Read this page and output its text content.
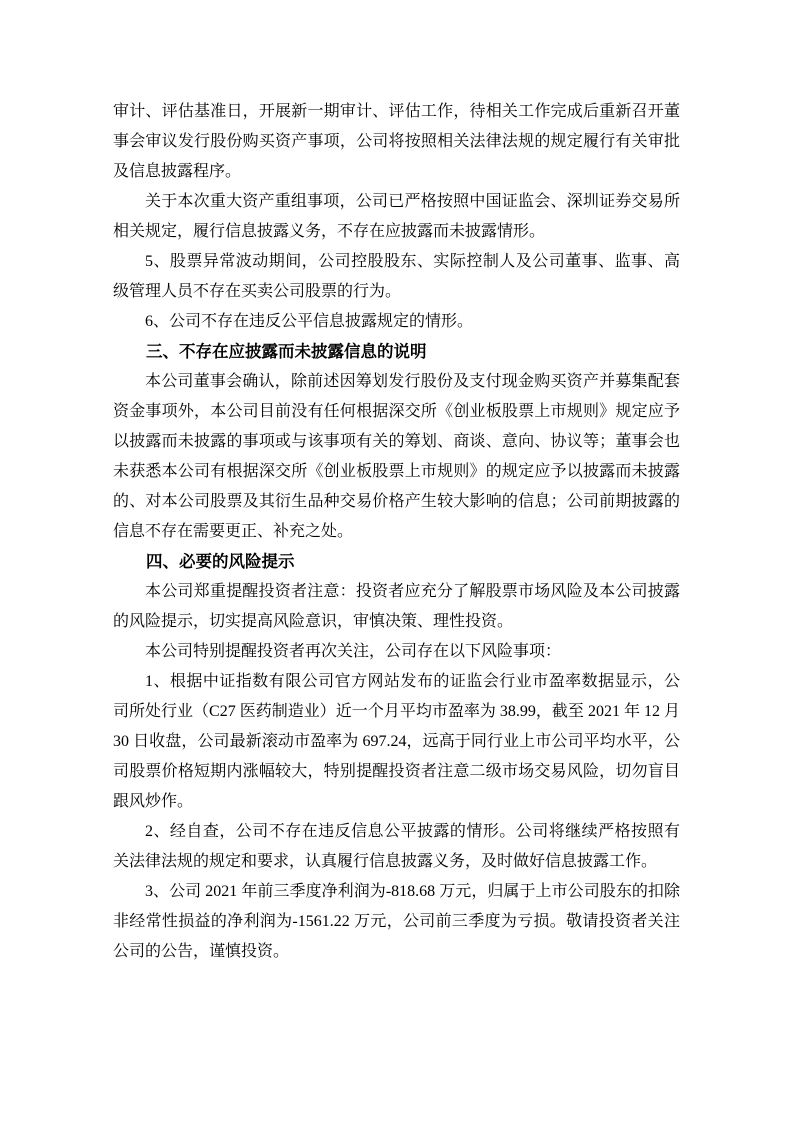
审计、评估基准日，开展新一期审计、评估工作，待相关工作完成后重新召开董事会审议发行股份购买资产事项，公司将按照相关法律法规的规定履行有关审批及信息披露程序。

关于本次重大资产重组事项，公司已严格按照中国证监会、深圳证券交易所相关规定，履行信息披露义务，不存在应披露而未披露情形。

5、股票异常波动期间，公司控股股东、实际控制人及公司董事、监事、高级管理人员不存在买卖公司股票的行为。

6、公司不存在违反公平信息披露规定的情形。

三、不存在应披露而未披露信息的说明

本公司董事会确认，除前述因筹划发行股份及支付现金购买资产并募集配套资金事项外，本公司目前没有任何根据深交所《创业板股票上市规则》规定应予以披露而未披露的事项或与该事项有关的筹划、商谈、意向、协议等；董事会也未获悉本公司有根据深交所《创业板股票上市规则》的规定应予以披露而未披露的、对本公司股票及其衍生品种交易价格产生较大影响的信息；公司前期披露的信息不存在需要更正、补充之处。

四、必要的风险提示

本公司郑重提醒投资者注意：投资者应充分了解股票市场风险及本公司披露的风险提示，切实提高风险意识，审慎决策、理性投资。

本公司特别提醒投资者再次关注，公司存在以下风险事项：

1、根据中证指数有限公司官方网站发布的证监会行业市盈率数据显示，公司所处行业（C27 医药制造业）近一个月平均市盈率为 38.99，截至 2021 年 12 月 30 日收盘，公司最新滚动市盈率为 697.24，远高于同行业上市公司平均水平，公司股票价格短期内涨幅较大，特别提醒投资者注意二级市场交易风险，切勿盲目跟风炒作。

2、经自查，公司不存在违反信息公平披露的情形。公司将继续严格按照有关法律法规的规定和要求，认真履行信息披露义务，及时做好信息披露工作。

3、公司 2021 年前三季度净利润为-818.68 万元，归属于上市公司股东的扣除非经常性损益的净利润为-1561.22 万元，公司前三季度为亏损。敬请投资者关注公司的公告，谨慎投资。
